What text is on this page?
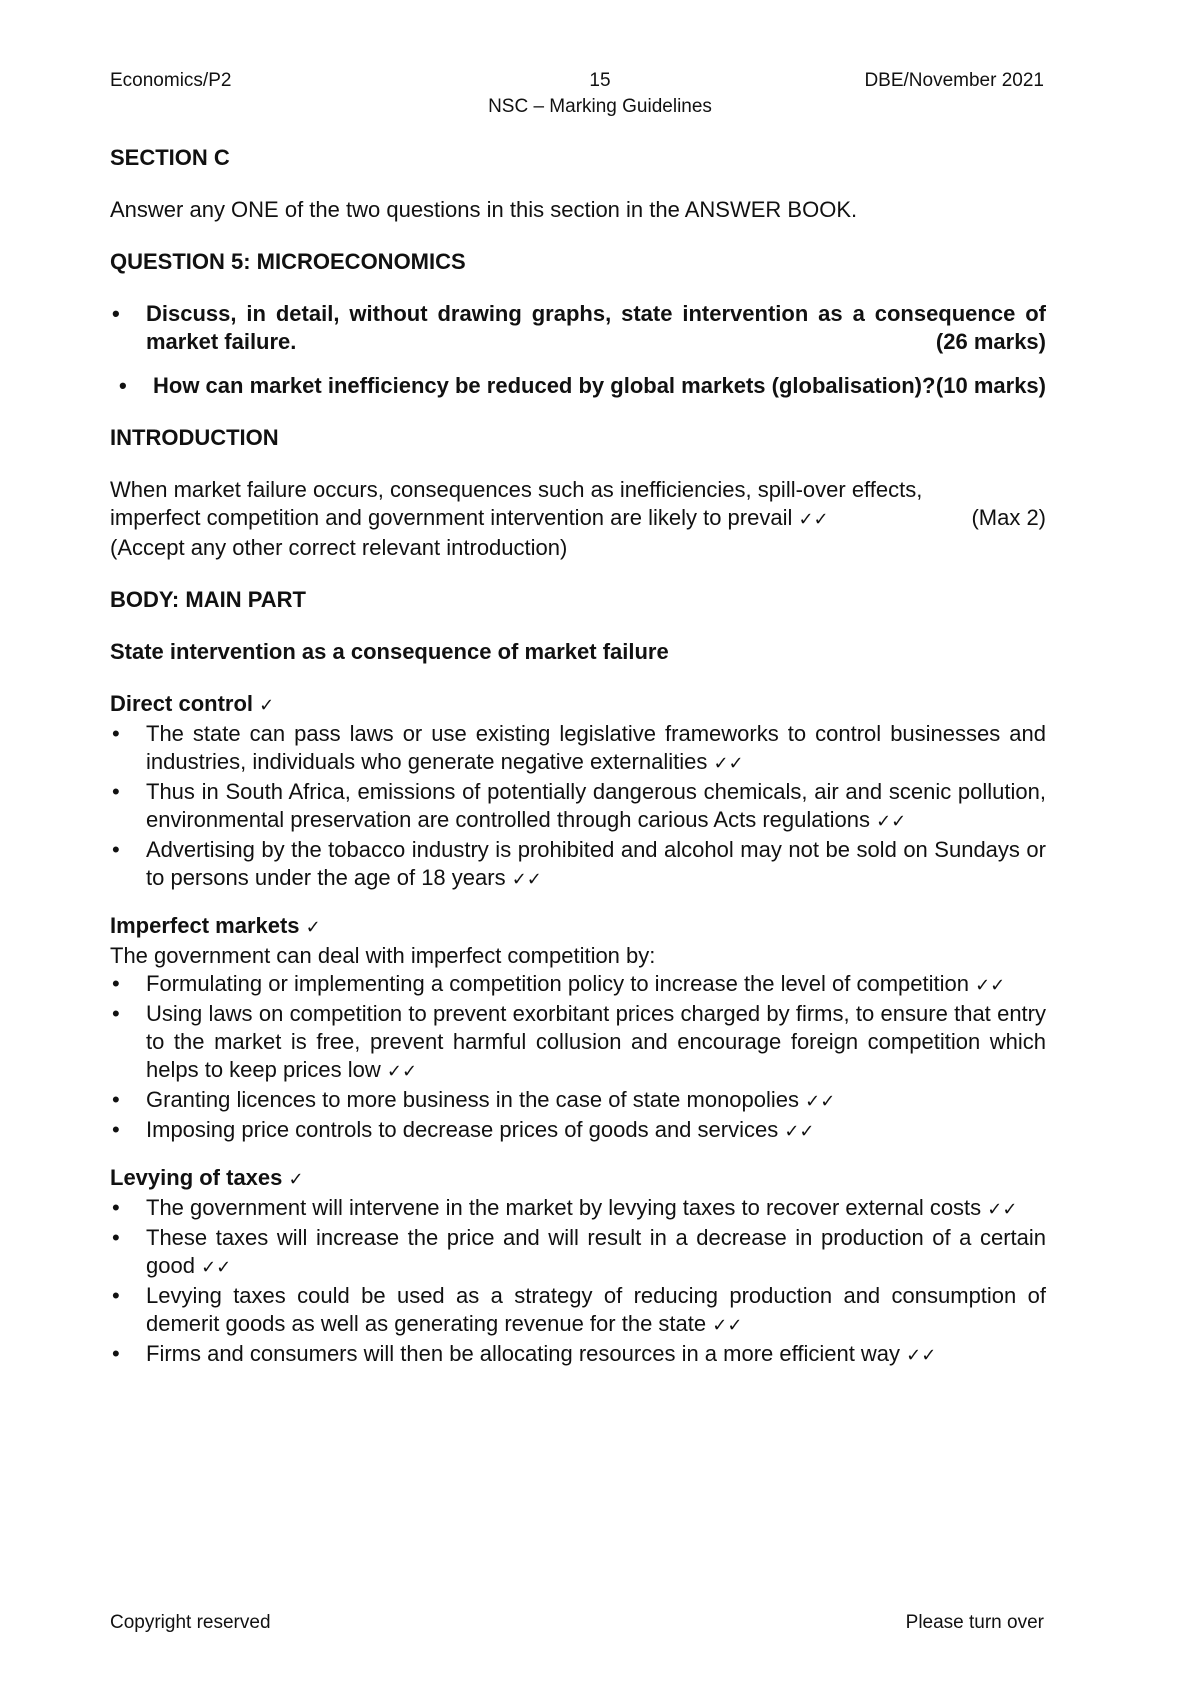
15
Economics/P2	DBE/November 2021
NSC – Marking Guidelines

SECTION C

Answer any ONE of the two questions in this section in the ANSWER BOOK.

QUESTION 5: MICROECONOMICS

• Discuss, in detail, without drawing graphs, state intervention as a consequence of market failure.	(26 marks)
• How can market inefficiency be reduced by global markets (globalisation)? (10 marks)

INTRODUCTION

When market failure occurs, consequences such as inefficiencies, spill-over effects,

imperfect competition and government intervention are likely to prevail ✓✓	(Max 2)

(Accept any other correct relevant introduction)

BODY: MAIN PART

State intervention as a consequence of market failure

Direct control ✓

• The state can pass laws or use existing legislative frameworks to control businesses and industries, individuals who generate negative externalities ✓✓
• Thus in South Africa, emissions of potentially dangerous chemicals, air and scenic pollution, environmental preservation are controlled through carious Acts regulations ✓✓
• Advertising by the tobacco industry is prohibited and alcohol may not be sold on Sundays or to persons under the age of 18 years ✓✓

Imperfect markets ✓

The government can deal with imperfect competition by:

• Formulating or implementing a competition policy to increase the level of competition ✓✓
• Using laws on competition to prevent exorbitant prices charged by firms, to ensure that entry to the market is free, prevent harmful collusion and encourage foreign competition which helps to keep prices low ✓✓
• Granting licences to more business in the case of state monopolies ✓✓
• Imposing price controls to decrease prices of goods and services ✓✓

Levying of taxes ✓

• The government will intervene in the market by levying taxes to recover external costs ✓✓
• These taxes will increase the price and will result in a decrease in production of a certain good ✓✓
• Levying taxes could be used as a strategy of reducing production and consumption of demerit goods as well as generating revenue for the state ✓✓
• Firms and consumers will then be allocating resources in a more efficient way ✓✓
Copyright reserved	Please turn over
